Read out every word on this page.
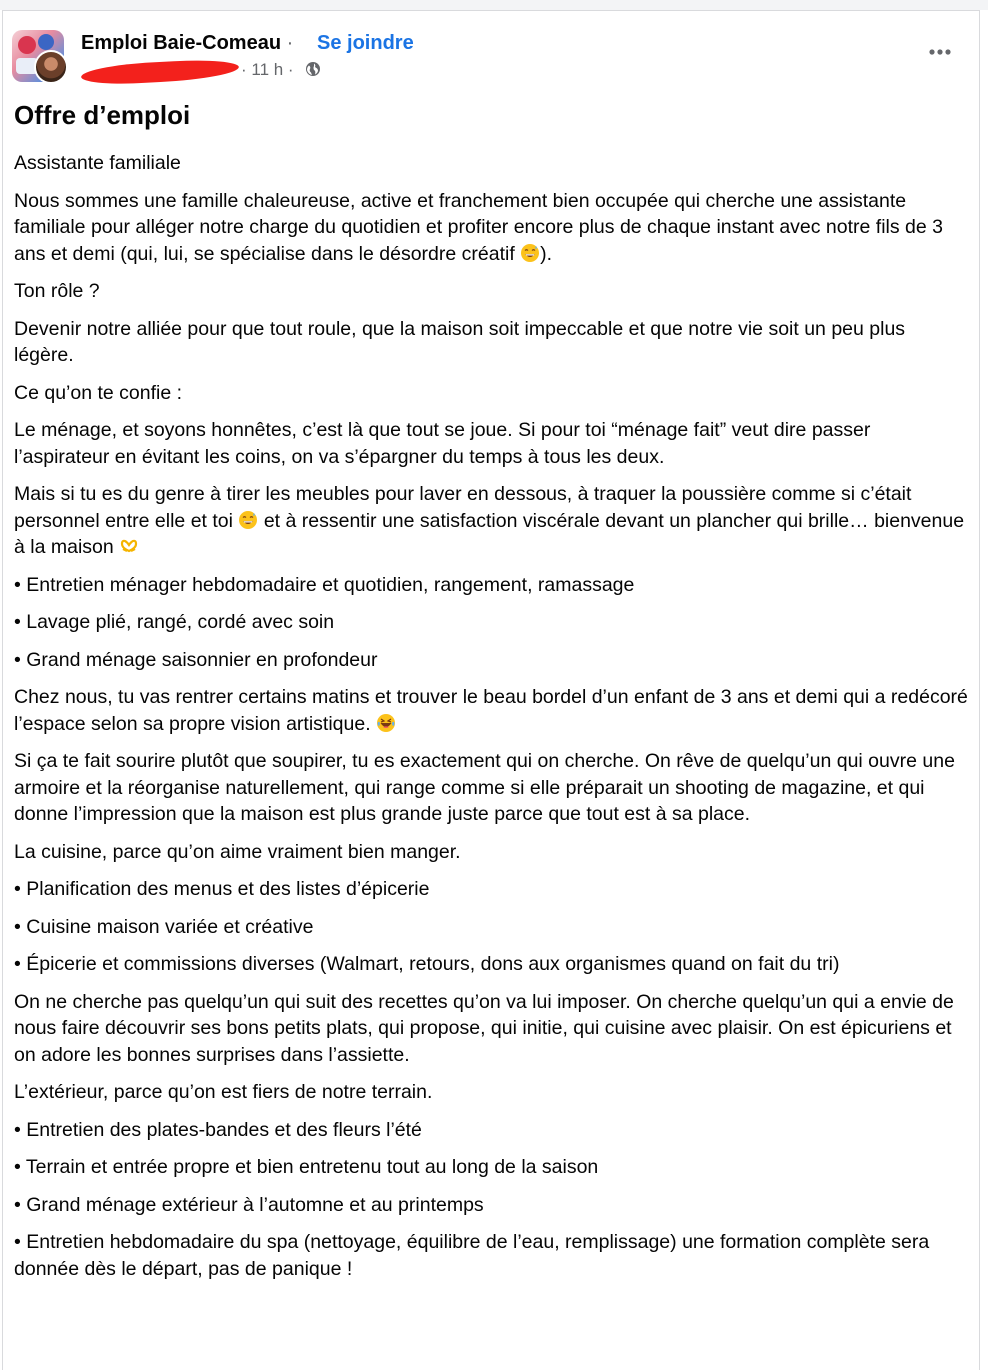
Emploi Baie-Comeau · Se joindre
· 11 h ·
Offre d’emploi

Assistante familiale

Nous sommes une famille chaleureuse, active et franchement bien occupée qui cherche une assistante familiale pour alléger notre charge du quotidien et profiter encore plus de chaque instant avec notre fils de 3 ans et demi (qui, lui, se spécialise dans le désordre créatif ).

Ton rôle ?

Devenir notre alliée pour que tout roule, que la maison soit impeccable et que notre vie soit un peu plus légère.

Ce qu’on te confie :

Le ménage, et soyons honnêtes, c’est là que tout se joue. Si pour toi “ménage fait” veut dire passer l’aspirateur en évitant les coins, on va s’épargner du temps à tous les deux.

Mais si tu es du genre à tirer les meubles pour laver en dessous, à traquer la poussière comme si c’était personnel entre elle et toi  et à ressentir une satisfaction viscérale devant un plancher qui brille… bienvenue à la maison

• Entretien ménager hebdomadaire et quotidien, rangement, ramassage

• Lavage plié, rangé, cordé avec soin

• Grand ménage saisonnier en profondeur

Chez nous, tu vas rentrer certains matins et trouver le beau bordel d’un enfant de 3 ans et demi qui a redécoré l’espace selon sa propre vision artistique.

Si ça te fait sourire plutôt que soupirer, tu es exactement qui on cherche. On rêve de quelqu’un qui ouvre une armoire et la réorganise naturellement, qui range comme si elle préparait un shooting de magazine, et qui donne l’impression que la maison est plus grande juste parce que tout est à sa place.

La cuisine, parce qu’on aime vraiment bien manger.

• Planification des menus et des listes d’épicerie

• Cuisine maison variée et créative

• Épicerie et commissions diverses (Walmart, retours, dons aux organismes quand on fait du tri)

On ne cherche pas quelqu’un qui suit des recettes qu’on va lui imposer. On cherche quelqu’un qui a envie de nous faire découvrir ses bons petits plats, qui propose, qui initie, qui cuisine avec plaisir. On est épicuriens et on adore les bonnes surprises dans l’assiette.

L’extérieur, parce qu’on est fiers de notre terrain.

• Entretien des plates-bandes et des fleurs l’été

• Terrain et entrée propre et bien entretenu tout au long de la saison

• Grand ménage extérieur à l’automne et au printemps

• Entretien hebdomadaire du spa (nettoyage, équilibre de l’eau, remplissage) une formation complète sera donnée dès le départ, pas de panique !
